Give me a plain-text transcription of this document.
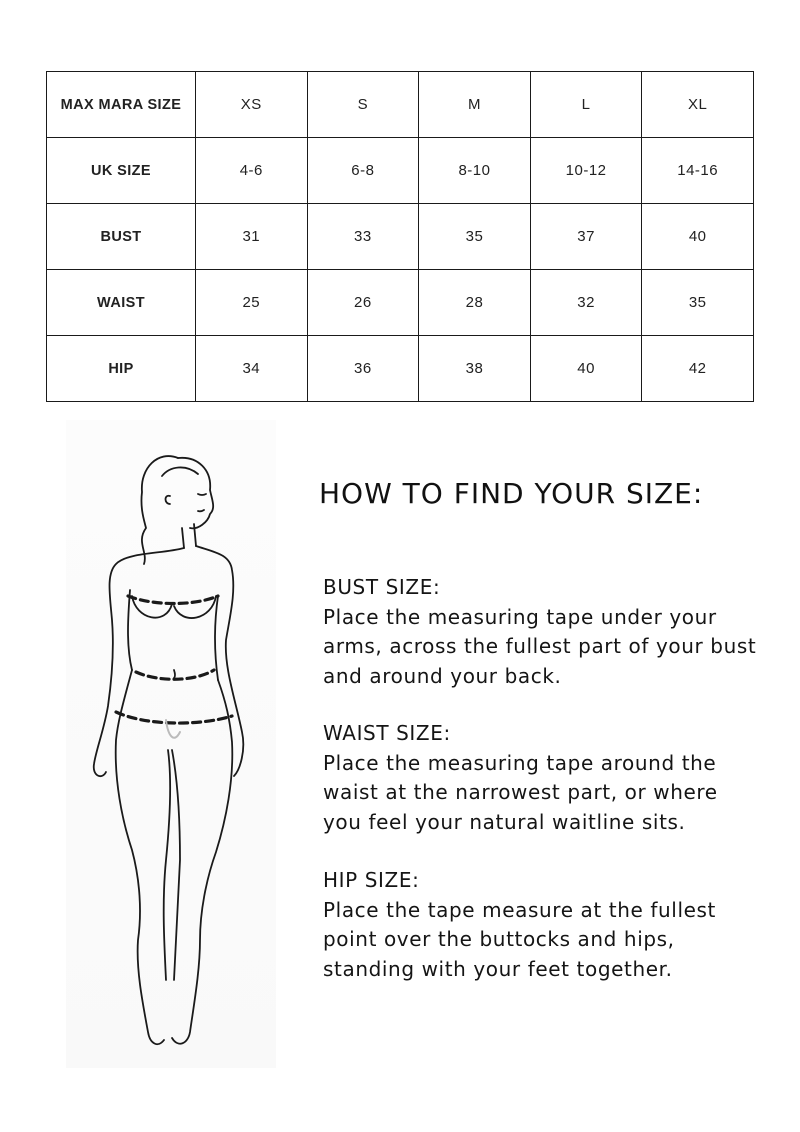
MAX MARA SIZE	XS	S	M	L	XL
UK SIZE	4-6	6-8	8-10	10-12	14-16
BUST	31	33	35	37	40
WAIST	25	26	28	32	35
HIP	34	36	38	40	42
HOW TO FIND YOUR SIZE:
BUST SIZE:
Place the measuring tape under your arms, across the fullest part of your bust and around your back.
WAIST SIZE:
Place the measuring tape around the waist at the narrowest part, or where you feel your natural waitline sits.
HIP SIZE:
Place the tape measure at the fullest point over the buttocks and hips, standing with your feet together.
